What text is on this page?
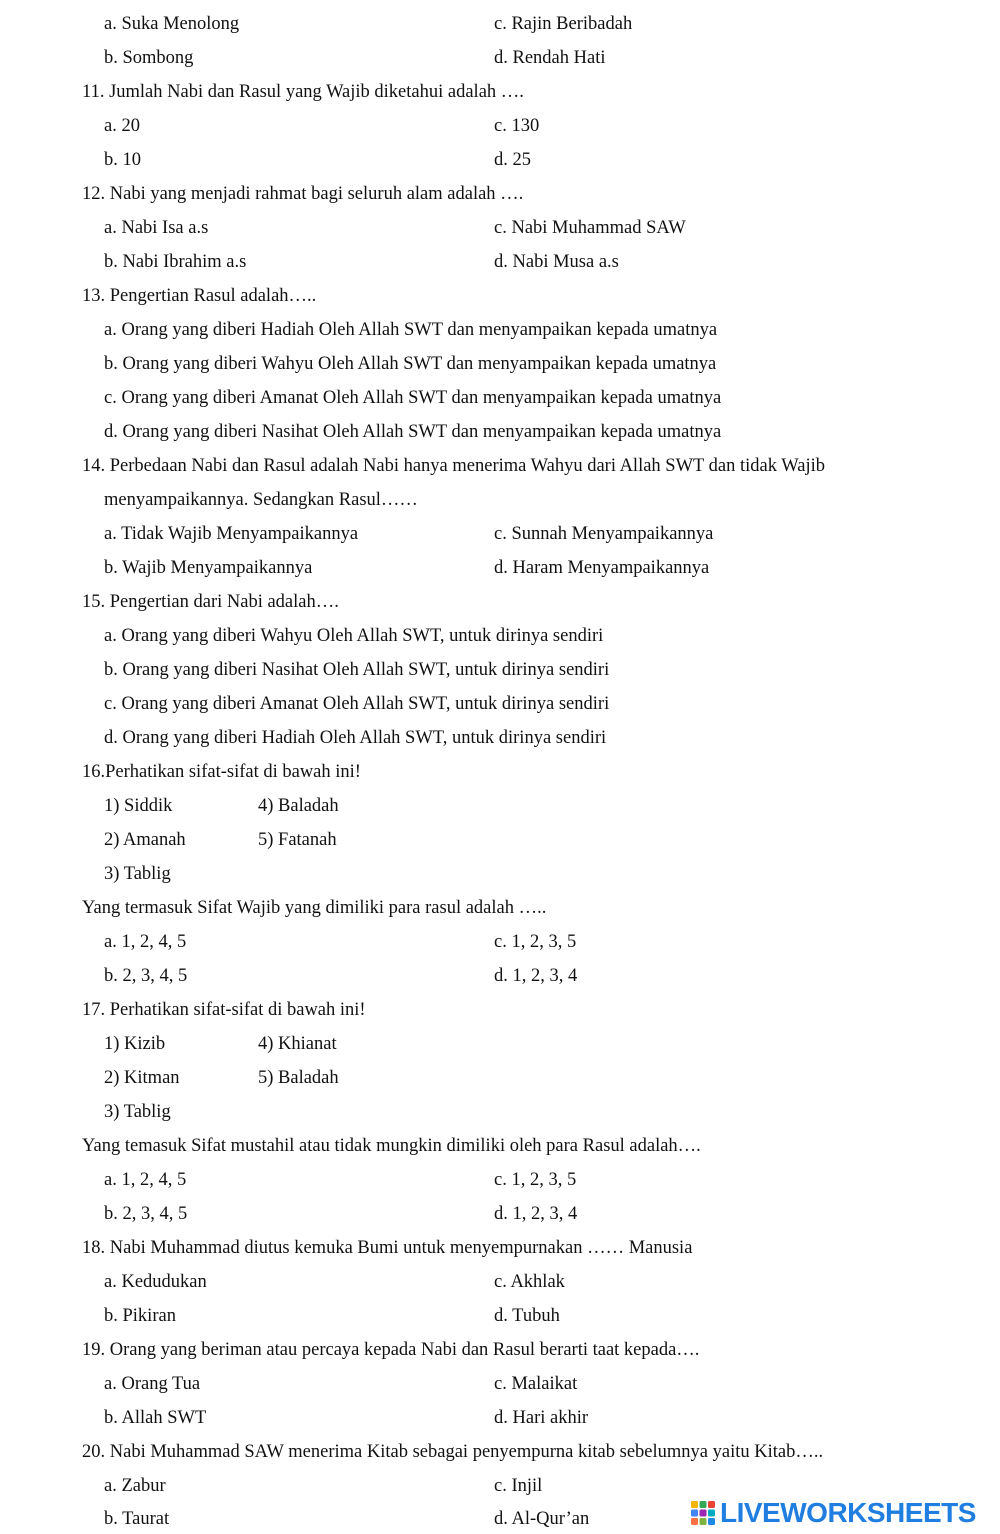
a. Suka Menolong	c. Rajin Beribadah
b. Sombong	d. Rendah Hati
11. Jumlah Nabi dan Rasul yang Wajib diketahui adalah ….
a. 20	c. 130
b. 10	d. 25
12. Nabi yang menjadi rahmat bagi seluruh alam adalah ….
a. Nabi Isa a.s	c. Nabi Muhammad SAW
b. Nabi Ibrahim a.s	d. Nabi Musa a.s
13. Pengertian Rasul adalah…..
a. Orang yang diberi Hadiah Oleh Allah SWT dan menyampaikan kepada umatnya
b. Orang yang diberi Wahyu Oleh Allah SWT dan menyampaikan kepada umatnya
c. Orang yang diberi Amanat Oleh Allah SWT dan menyampaikan kepada umatnya
d. Orang yang diberi Nasihat Oleh Allah SWT dan menyampaikan kepada umatnya
14. Perbedaan Nabi dan Rasul adalah Nabi hanya menerima Wahyu dari Allah SWT dan tidak Wajib
menyampaikannya. Sedangkan Rasul……
a. Tidak Wajib Menyampaikannya	c. Sunnah Menyampaikannya
b. Wajib Menyampaikannya	d. Haram Menyampaikannya
15. Pengertian dari Nabi adalah….
a. Orang yang diberi Wahyu Oleh Allah SWT, untuk dirinya sendiri
b. Orang yang diberi Nasihat Oleh Allah SWT, untuk dirinya sendiri
c. Orang yang diberi Amanat Oleh Allah SWT, untuk dirinya sendiri
d. Orang yang diberi Hadiah Oleh Allah SWT, untuk dirinya sendiri
16.Perhatikan sifat-sifat di bawah ini!
1) Siddik	4) Baladah
2) Amanah	5) Fatanah
3) Tablig
Yang termasuk Sifat Wajib yang dimiliki para rasul adalah …..
a. 1, 2, 4, 5	c. 1, 2, 3, 5
b. 2, 3, 4, 5	d. 1, 2, 3, 4
17. Perhatikan sifat-sifat di bawah ini!
1) Kizib	4) Khianat
2) Kitman	5) Baladah
3) Tablig
Yang temasuk Sifat mustahil atau tidak mungkin dimiliki oleh para Rasul adalah….
a. 1, 2, 4, 5	c. 1, 2, 3, 5
b. 2, 3, 4, 5	d. 1, 2, 3, 4
18. Nabi Muhammad diutus kemuka Bumi untuk menyempurnakan …… Manusia
a. Kedudukan	c. Akhlak
b. Pikiran	d. Tubuh
19. Orang yang beriman atau percaya kepada Nabi dan Rasul berarti taat kepada….
a. Orang Tua	c. Malaikat
b. Allah SWT	d. Hari akhir
20. Nabi Muhammad SAW menerima Kitab sebagai penyempurna kitab sebelumnya yaitu Kitab…..
a. Zabur	c. Injil
b. Taurat	d. Al-Qur’an	LIVEWORKSHEETS
